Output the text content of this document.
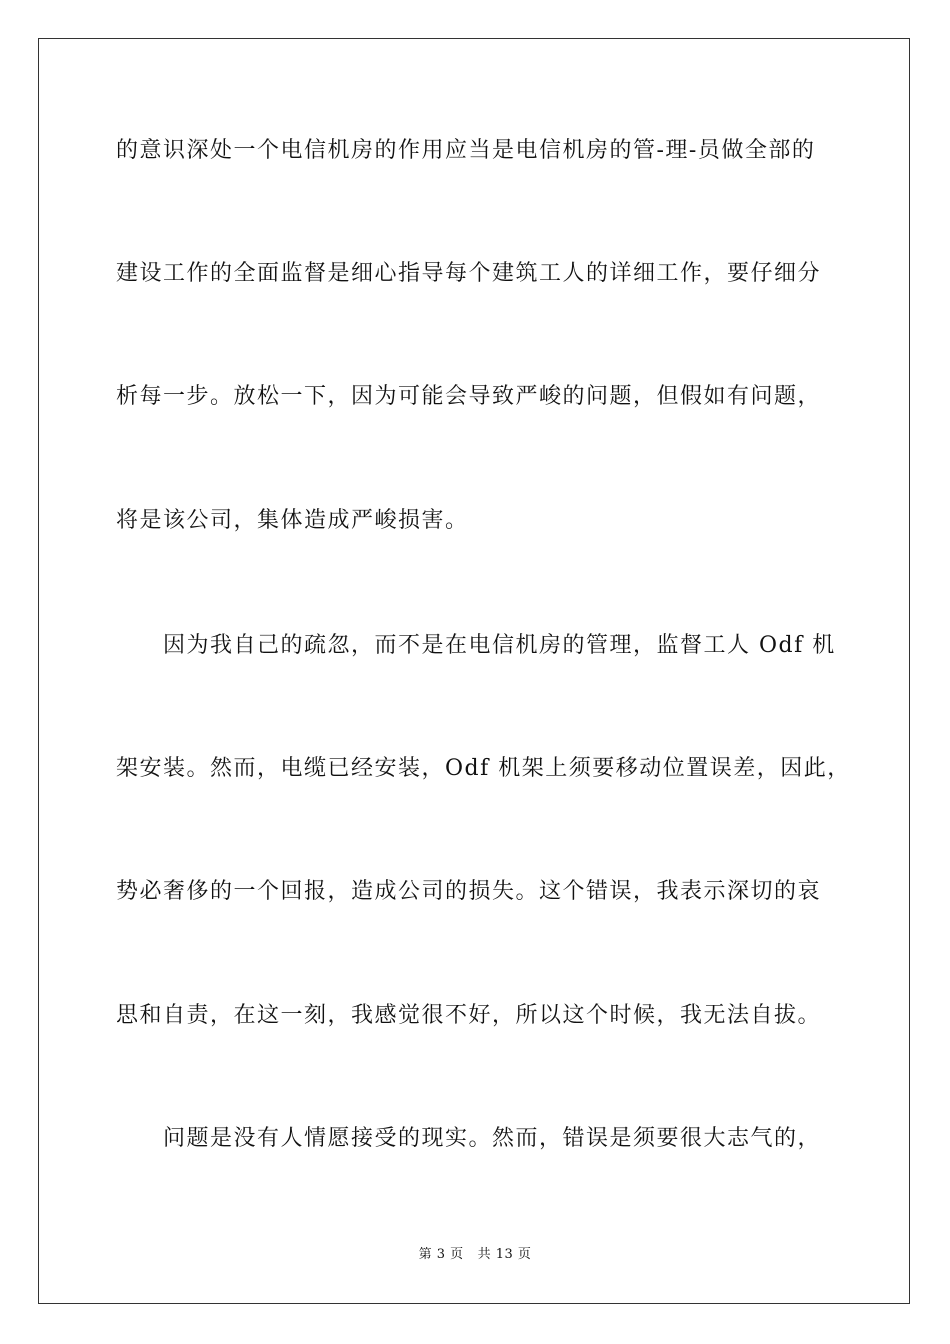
的意识深处一个电信机房的作用应当是电信机房的管-理-员做全部的
建设工作的全面监督是细心指导每个建筑工人的详细工作，要仔细分
析每一步。放松一下，因为可能会导致严峻的问题，但假如有问题，
将是该公司，集体造成严峻损害。
因为我自己的疏忽，而不是在电信机房的管理，监督工人 Odf 机
架安装。然而，电缆已经安装，Odf 机架上须要移动位置误差，因此，
势必奢侈的一个回报，造成公司的损失。这个错误，我表示深切的哀
思和自责，在这一刻，我感觉很不好，所以这个时候，我无法自拔。
问题是没有人情愿接受的现实。然而，错误是须要很大志气的，
第 3 页 共 13 页
